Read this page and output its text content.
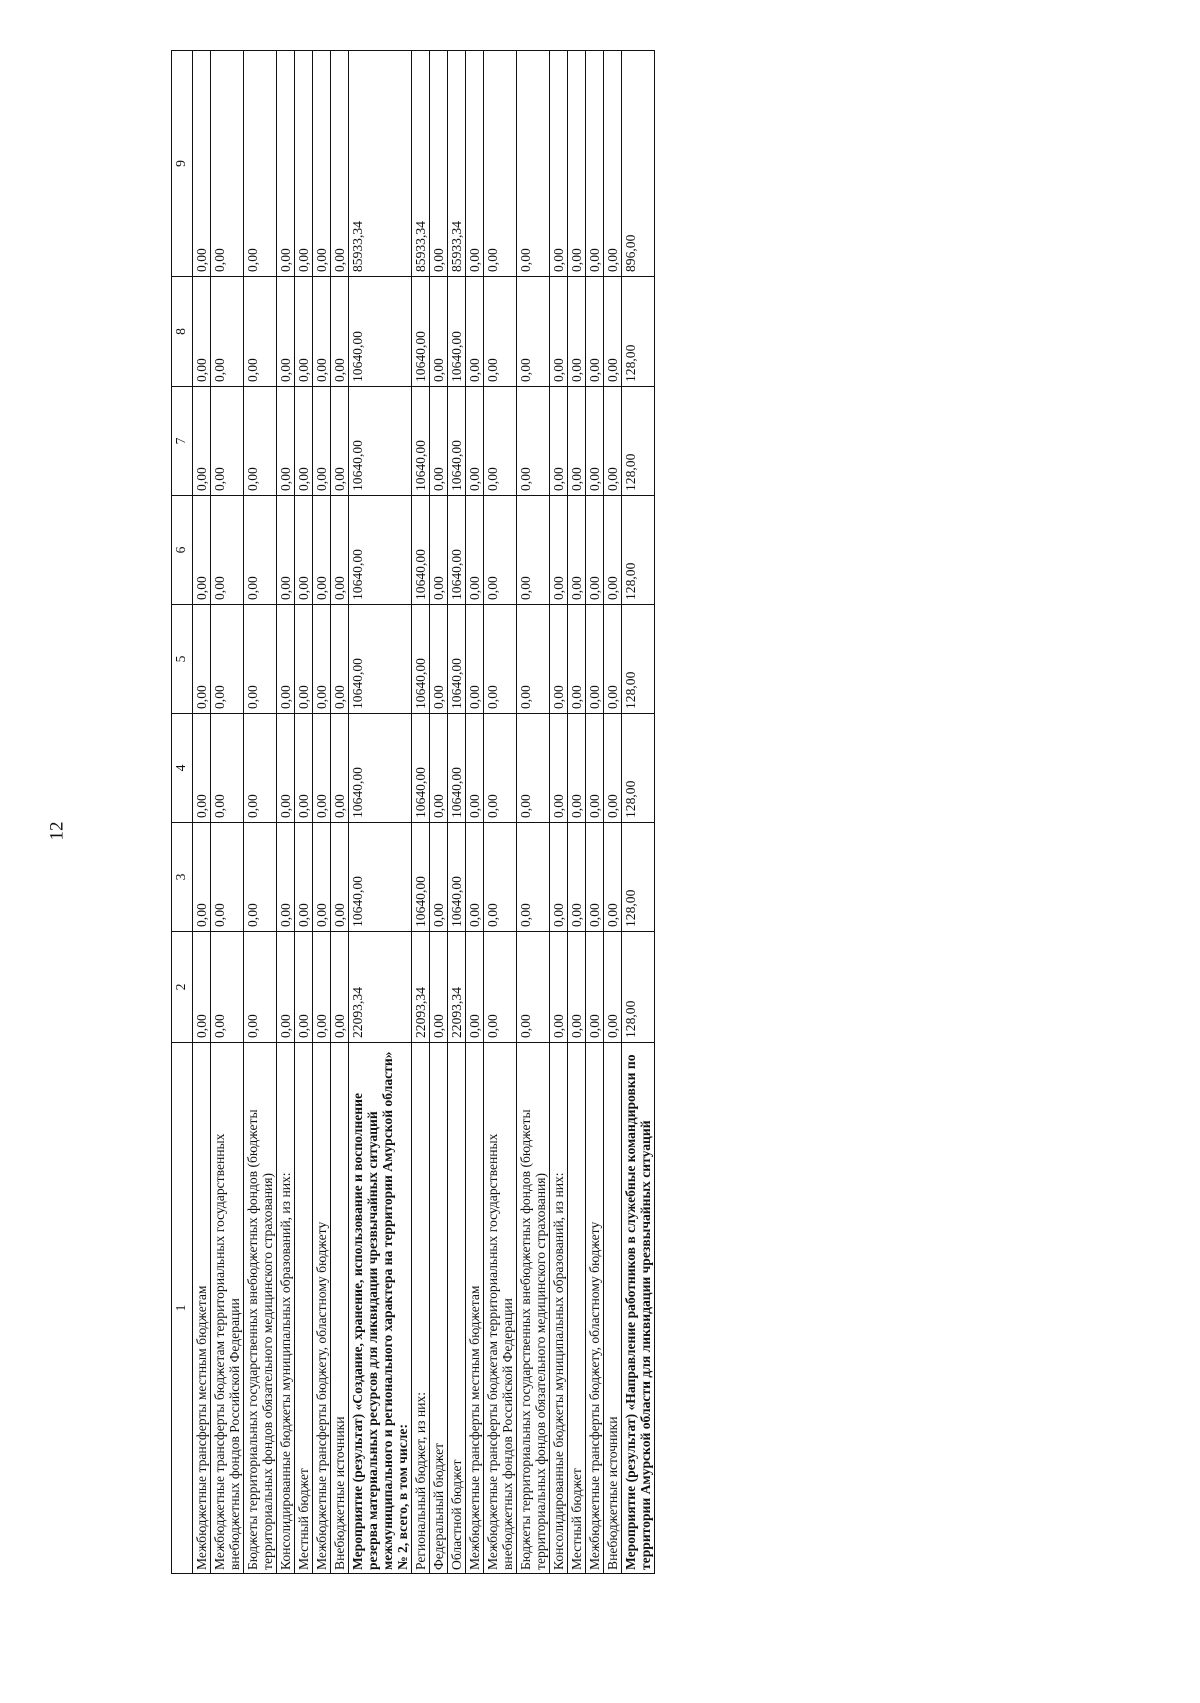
12
1	2	3	4	5	6	7	8	9
Межбюджетные трансферты местным бюджетам	0,00	0,00	0,00	0,00	0,00	0,00	0,00	0,00
Межбюджетные трансферты бюджетам территориальных государственных внебюджетных фондов Российской Федерации	0,00	0,00	0,00	0,00	0,00	0,00	0,00	0,00
Бюджеты территориальных государственных внебюджетных фондов (бюджеты территориальных фондов обязательного медицинского страхования)	0,00	0,00	0,00	0,00	0,00	0,00	0,00	0,00
Консолидированные бюджеты муниципальных образований, из них:	0,00	0,00	0,00	0,00	0,00	0,00	0,00	0,00
Местный бюджет	0,00	0,00	0,00	0,00	0,00	0,00	0,00	0,00
Межбюджетные трансферты бюджету, областному бюджету	0,00	0,00	0,00	0,00	0,00	0,00	0,00	0,00
Внебюджетные источники	0,00	0,00	0,00	0,00	0,00	0,00	0,00	0,00
Мероприятие (результат) «Создание, хранение, использование и восполнение резерва материальных ресурсов для ликвидации чрезвычайных ситуаций межмуниципального и регионального характера на территории Амурской области» № 2, всего, в том числе:	22093,34	10640,00	10640,00	10640,00	10640,00	10640,00	10640,00	85933,34
Региональный бюджет, из них:	22093,34	10640,00	10640,00	10640,00	10640,00	10640,00	10640,00	85933,34
Федеральный бюджет	0,00	0,00	0,00	0,00	0,00	0,00	0,00	0,00
Областной бюджет	22093,34	10640,00	10640,00	10640,00	10640,00	10640,00	10640,00	85933,34
Межбюджетные трансферты местным бюджетам	0,00	0,00	0,00	0,00	0,00	0,00	0,00	0,00
Межбюджетные трансферты бюджетам территориальных государственных внебюджетных фондов Российской Федерации	0,00	0,00	0,00	0,00	0,00	0,00	0,00	0,00
Бюджеты территориальных государственных внебюджетных фондов (бюджеты территориальных фондов обязательного медицинского страхования)	0,00	0,00	0,00	0,00	0,00	0,00	0,00	0,00
Консолидированные бюджеты муниципальных образований, из них:	0,00	0,00	0,00	0,00	0,00	0,00	0,00	0,00
Местный бюджет	0,00	0,00	0,00	0,00	0,00	0,00	0,00	0,00
Межбюджетные трансферты бюджету, областному бюджету	0,00	0,00	0,00	0,00	0,00	0,00	0,00	0,00
Внебюджетные источники	0,00	0,00	0,00	0,00	0,00	0,00	0,00	0,00
Мероприятие (результат) «Направление работников в служебные командировки по территории Амурской области для ликвидации чрезвычайных ситуаций	128,00	128,00	128,00	128,00	128,00	128,00	128,00	896,00
